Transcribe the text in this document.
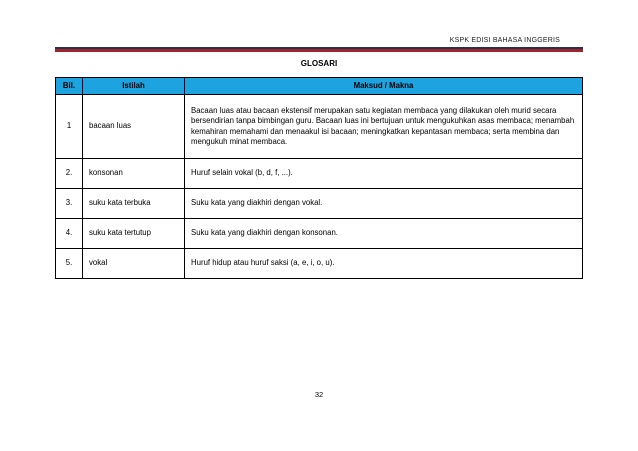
KSPK EDISI BAHASA INGGERIS
GLOSARI
Bil.	Istilah	Maksud / Makna
1	bacaan luas	Bacaan luas atau bacaan ekstensif merupakan satu kegiatan membaca yang dilakukan oleh murid secara bersendirian tanpa bimbingan guru. Bacaan luas ini bertujuan untuk mengukuhkan asas membaca; menambah kemahiran memahami dan menaakul isi bacaan; meningkatkan kepantasan membaca; serta membina dan mengukuh minat membaca.
2.	konsonan	Huruf selain vokal (b, d, f, ...).
3.	suku kata terbuka	Suku kata yang diakhiri dengan vokal.
4.	suku kata tertutup	Suku kata yang diakhiri dengan konsonan.
5.	vokal	Huruf hidup atau huruf saksi (a, e, i, o, u).
32
